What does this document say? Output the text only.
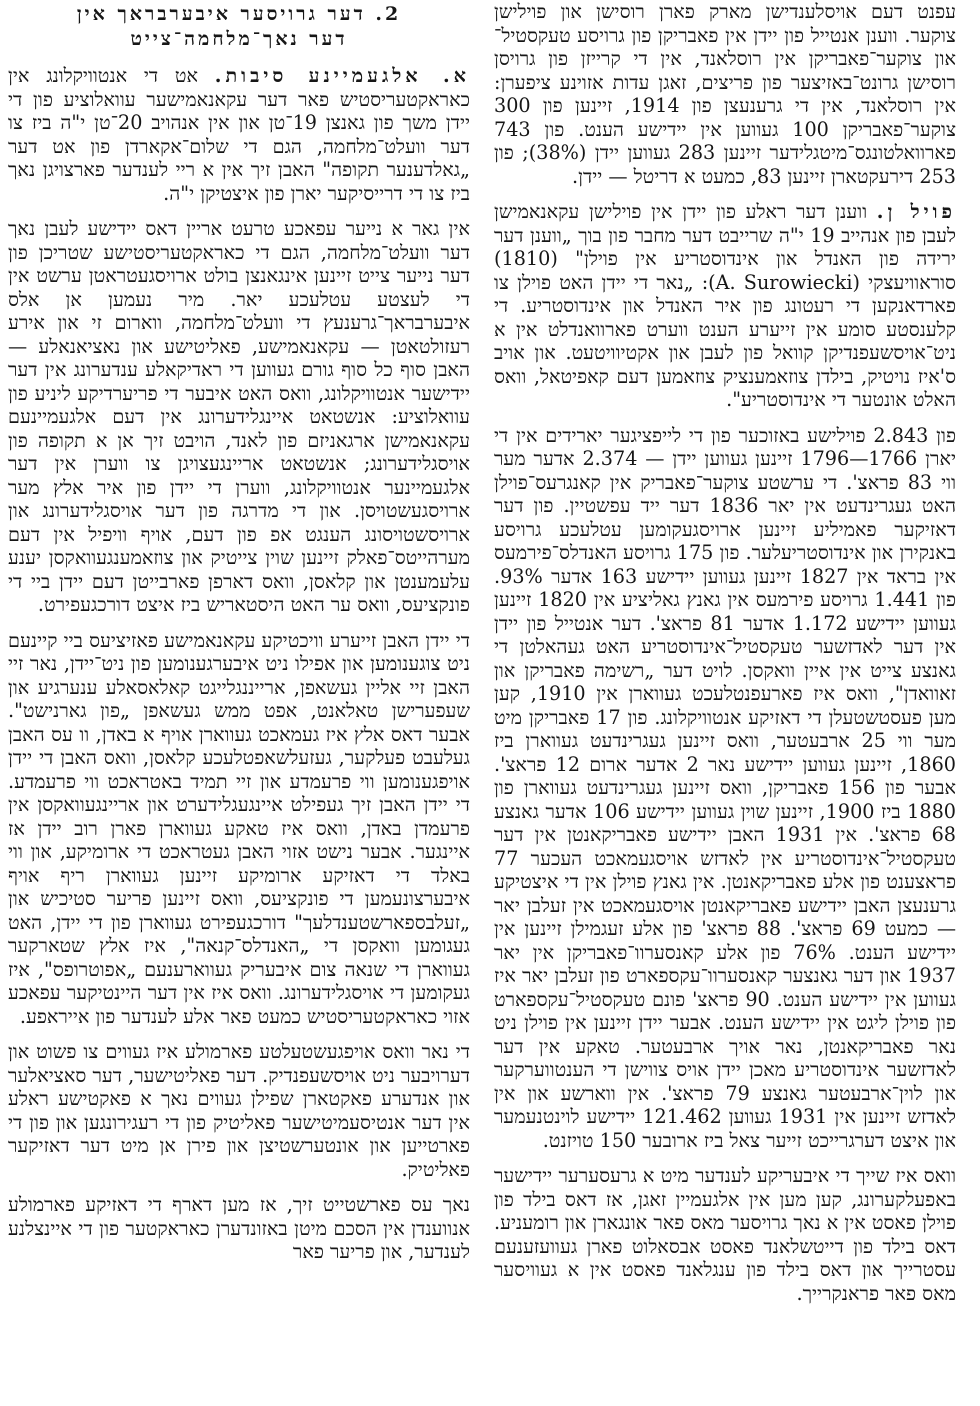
2. דער גרויסער איבערבראך אין
דער נאך־מלחמה־צייט

א. אלגעמיינע סיבות. אט די אנטוויקלונג אין כאראקטעריסטיש פאר דער עקאנאמישער עוואלוציע פון די יידן משך פון גאנצן 19־טן און אין אנהויב 20־טן י"ה ביז צו דער וועלט־מלחמה, הגם די שלום־אקארדן פון אט דער „גאלדענער תקופה" האבן זיך אין א ריי לענדער פארצויגן נאך ביז צו די דרייסיקער יארן פון איצטיקן י"ה.

אין גאר א נייער עפאכע טרעט אריין דאס יידישע לעבן נאך דער וועלט־מלחמה, הגם די כאראקטעריסטישע שטריכן פון דער נייער צייט זיינען אינגאנצן בולט ארויסגעטראטן ערשט אין די לעצטע עטלעכע יאר. מיר נעמען אן אלס איבערבראך־גרענעץ די וועלט־מלחמה, ווארום זי און אירע רעזולטאטן — עקאנאמישע, פאליטישע און נאציאנאלע — האבן סוף כל סוף גורם געווען די ראדיקאלע ענדערונג אין דער יידישער אנטוויקלונג, וואס האט איבער די פריערדיקע ליניע פון עוואלוציע: אנשטאט איינגלידערונג אין דעם אלגעמיינעם עקאנאמישן ארגאניזם פון לאנד, הויבט זיך אן א תקופה פון אויסגלידערונג; אנשטאט אריינגעצויגן צו ווערן אין דער אלגעמיינער אנטוויקלונג, ווערן די יידן פון איר אלץ מער ארויסגעשטויסן. און די מדרגה פון דער אויסגלידערונג און ארויסשטויסונג הענגט אפ פון דעם, אויף וויפיל אין דעם מערהייטס־פאלק זיינען שוין צייטיק און צוזאמענגעוואקסן יענע עלעמענטן און קלאסן, וואס דארפן פארבייטן דעם יידן ביי די פונקציעס, וואס ער האט היסטאריש ביז איצט דורכגעפירט.

די יידן האבן זייערע וויכטיקע עקאנאמישע פאזיציעס ביי קיינעם ניט צוגענומען און אפילו ניט איבערגענומען פון ניט־יידן, נאר זיי האבן זיי אליין געשאפן, ארייננגלייגט קאלאסאלע ענערגיע און שעפערישן טאלאנט, אפט ממש געשאפן „פון גארנישט". אבער דאס אלץ איז געמאכט געווארן אויף א באדן, וו עס האבן געלעבט פעלקער, געזעלשאפטלעכע קלאסן, וואס האבן די יידן אויפגענומען ווי פרעמדע און זיי תמיד באטראכט ווי פרעמדע. די יידן האבן זיך געפילט איינגעגלידערט און אריינגעוואקסן אין פרעמדן באדן, וואס איז טאקע געווארן פארן רוב יידן אז איינגער. אבער נישט אזוי האבן געטראכט די ארומיקע, און ווי באלד די דאזיקע ארומיקע זיינען געווארן ריף אויף איבערצונעמען די פונקציעס, וואס זיינען פריער סטיכיש און „זעלבספארשטענדלעך" דורכגעפירט געווארן פון די יידן, האט געגומען וואקסן די „האנדלס־קנאה", איז אלץ שטארקער געווארן די שנאה צום איבעריק געווארענעם „אפוטרופס", איז געקומען די אויסגלידערונג. וואס איז אין דער היינטיקער עפאכע אזוי כאראקטעריסטיש כמעט פאר אלע לענדער פון אייראפע.

די נאר וואס אויפגעשטעלטע פארמולע איז געווים צו פשוט און דערויבער ניט אויסשעפנדיק. דער פאליטישער, דער סאציאלער און אנדערע פאקטארן שפילן געווים נאך א פאקטישע ראלע אין דער אנטיסעמיטישער פאליטיק פון די רעגירונגען און פון די פארטייען און אונטערשטיצן און פירן אן מיט דער דאזיקער פאליטיק.

נאך עס פארשטייט זיך, אז מען דארף די דאזיקע פארמולע אנווענדן אין הסכם מיטן באזונדערן כאראקטער פון די איינצלנע לענדער, און פריער פאר

עפנט דעם אויסלענדישן מארק פארן רוסישן און פוילישן צוקער. ווענן אנטייל פון יידן אין פאבריקן פון גרויסע טעקסטיל־ און צוקער־פאבריקן אין רוסלאנד, אין די קרייזן פון גרויסן רוסישן גרונט־באזיצער פון פריצים, זאגן עדות אזוינע ציפערן: אין רוסלאנד, אין די גרענעצן פון 1914, זיינען פון 300 צוקער־פאבריקן 100 געווען אין יידישע הענט. פון 743 פארוואלטונגס־מיטגלידער זיינען 283 געווען יידן (38%); פון 253 דירעקטארן זיינען 83, כמעט א דריטל — יידן.

פויל ן. ווענן דער ראלע פון יידן אין פוילישן עקאנאמישן לעבן פון אנהייב 19 י"ה שרייבט דער מחבר פון בוך „ווענן דער ירידה פון האנדל און אינדוסטריע אין פוילן" (1810) סוראוויעצקי (A. Surowiecki): „נאר די יידן האט פוילן צו פארדאנקען די רעטונג פון איר האנדל און אינדוסטריע. די קלענסטע סומע אין זייערע הענט ווערט פארוואנדלט אין א ניט־אויסשעפנדיקן קוואל פון לעבן און אקטיוויטעט. און אויב ס'איז נויטיק, בילדן צוזאמענציק צוזאמען דעם קאפיטאל, וואס האלט אונטער די אינדוסטריע".

פון 2.843 פוילישע באזוכער פון די לייפציגער יארידים אין די יארן 1766—1796 זיינען געווען יידן — 2.374 אדער מער ווי 83 פראצ'. די ערשטע צוקער־פאבריק אין קאנגרעס־פוילן האט געגרינדעט אין יאר 1836 דער ייד עפשטיין. פון דער דאזיקער פאמיליע זיינען ארויסגעקומען עטלעכע גרויסע באנקירן און אינדוסטריעלער. פון 175 גרויסע האנדלס־פירמעס אין בראד אין 1827 זיינען געווען יידישע 163 אדער 93%. פון 1.441 גרויסע פירמעס אין גאנץ גאליציע אין 1820 זיינען געווען יידישע 1.172 אדער 81 פראצ'. דער אנטייל פון יידן אין דער לאדזשער טעקסטיל־אינדוסטריע האט געהאלטן די גאנצע צייט אין איין וואקסן. לויט דער „רשימה פאבריקן און זאוואדן", וואס איז פארעפנטלעכט געווארן אין 1910, קען מען פעסטשטעלן די דאזיקע אנטוויקלונג. פון 17 פאבריקן מיט מער ווי 25 ארבעטער, וואס זיינען געגרינדעט געווארן ביז 1860, זיינען געווען יידישע נאר 2 אדער ארום 12 פראצ'. אבער פון 156 פאבריקן, וואס זיינען געגרינדעט געווארן פון 1880 ביז 1900, זיינען שוין געווען יידישע 106 אדער גאנצע 68 פראצ'. אין 1931 האבן יידישע פאבריקאנטן אין דער טעקסטיל־אינדוסטריע אין לאדזש אויסגעמאכט העכער 77 פראצענט פון אלע פאבריקאנטן. אין גאנץ פוילן אין די איצטיקע גרענעצן האבן יידישע פאבריקאנטן אויסגעמאכט אין זעלבן יאר — כמעט 69 פראצ'. 88 פראצ' פון אלע זעגמילן זיינען אין יידישע הענט. 76% פון אלע קאנסערוו־פאבריקן אין יאר 1937 און דער גאנצער קאנסערוו־עקספארט פון זעלבן יאר איז געווען אין יידישע הענט. 90 פראצ' פונם טעקסטיל־עקספארט פון פוילן ליגט אין יידישע הענט. אבער יידן זיינען אין פוילן ניט נאר פאבריקאנטן, נאר אויך ארבעטער. טאקע אין דער לאדזשער אינדוסטריע מאכן יידן אויס צווישן די הענטווערקער און לוין־ארבעטער גאנצע 79 פראצ'. אין ווארשע און אין לאדזש זיינען אין 1931 געווען 121.462 יידישע לוינטנעמער און איצט דערגרייכט זייער צאל ביז ארובער 150 טויזנט.

וואס איז שייך די איבעריקע לענדער מיט א גרעסערער יידישער באפעלקערונג, קען מען אין אלגעמיין זאגן, אז דאס בילד פון פוילן פאסט אין א נאך גרויסער מאס פאר אונגארן און רומעניע. דאס בילד פון דייטשלאנד פאסט אבסאלוט פארן געוועזענעם עסטרייך און דאס בילד פון ענגלאנד פאסט אין א געוויסער מאס פאר פראנקרייך.
